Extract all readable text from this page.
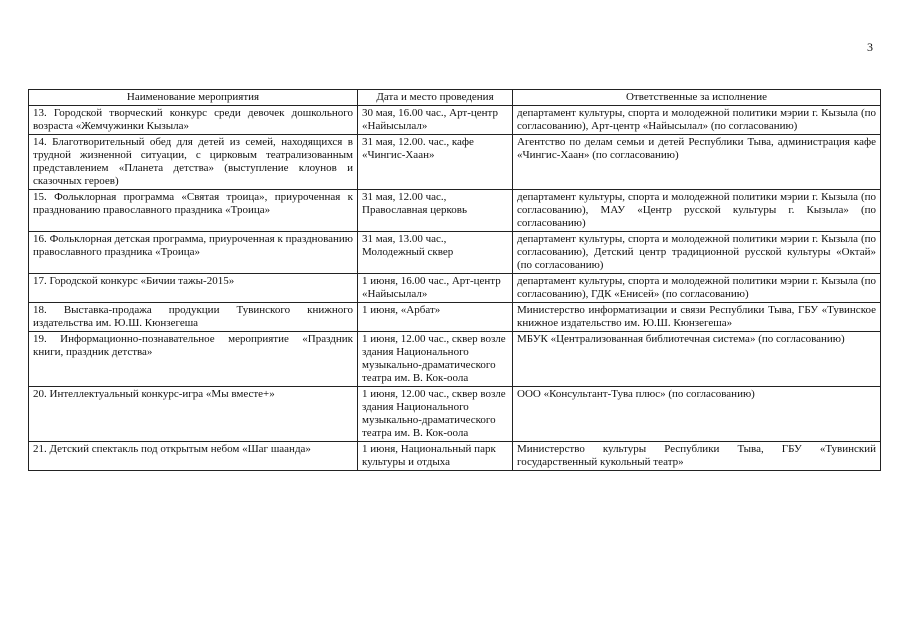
3
Наименование мероприятия	Дата и место проведения	Ответственные за исполнение
13. Городской творческий конкурс среди девочек дошкольного возраста «Жемчужинки Кызыла»	30 мая, 16.00 час., Арт-центр «Найысылал»	департамент культуры, спорта и молодежной политики мэрии г. Кызыла (по согласованию), Арт-центр «Найысылал» (по согласованию)
14. Благотворительный обед для детей из семей, находящихся в трудной жизненной ситуации, с цирковым театрализованным представлением «Планета детства» (выступление клоунов и сказочных героев)	31 мая, 12.00. час., кафе «Чингис-Хаан»	Агентство по делам семьи и детей Республики Тыва, администрация кафе «Чингис-Хаан» (по согласованию)
15. Фольклорная программа «Святая троица», приуроченная к празднованию православного праздника «Троица»	31 мая, 12.00 час., Православная церковь	департамент культуры, спорта и молодежной политики мэрии г. Кызыла (по согласованию), МАУ «Центр русской культуры г. Кызыла» (по согласованию)
16. Фольклорная детская программа, приуроченная к празднованию православного праздника «Троица»	31 мая, 13.00 час., Молодежный сквер	департамент культуры, спорта и молодежной политики мэрии г. Кызыла (по согласованию), Детский центр традиционной русской культуры «Октай» (по согласованию)
17. Городской конкурс «Бичии тажы-2015»	1 июня, 16.00 час., Арт-центр «Найысылал»	департамент культуры, спорта и молодежной политики мэрии г. Кызыла (по согласованию), ГДК «Енисей» (по согласованию)
18. Выставка-продажа продукции Тувинского книжного издательства им. Ю.Ш. Кюнзегеша	1 июня, «Арбат»	Министерство информатизации и связи Республики Тыва, ГБУ «Тувинское книжное издательство им. Ю.Ш. Кюнзегеша»
19. Информационно-познавательное мероприятие «Праздник книги, праздник детства»	1 июня, 12.00 час., сквер возле здания Национального музыкально-драматического театра им. В. Кок-оола	МБУК «Централизованная библиотечная система» (по согласованию)
20. Интеллектуальный конкурс-игра «Мы вместе+»	1 июня, 12.00 час., сквер возле здания Национального музыкально-драматического театра им. В. Кок-оола	ООО «Консультант-Тува плюс» (по согласованию)
21. Детский спектакль под открытым небом «Шаг шаанда»	1 июня, Национальный парк культуры и отдыха	Министерство культуры Республики Тыва, ГБУ «Тувинский государственный кукольный театр»
